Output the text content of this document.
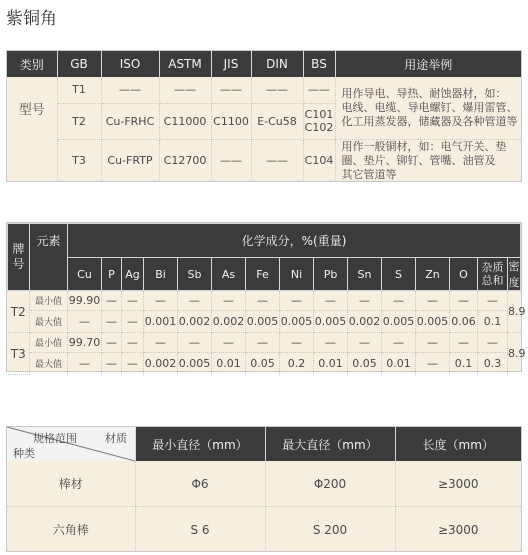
紫铜角
类别	GB	ISO	ASTM	JIS	DIN	BS	用途举例
型号	T1	——	——	——	——	——	用作导电、导热、耐蚀器材，如：
电线、电缆、导电螺钉、爆用雷管、
化工用蒸发器，储藏器及各种管道等

	T2	Cu-FRHC	C11000	C1100	E-Cu58	C101
C102	

	T3	Cu-FRTP	C12700	——	——	C104	用作一般铜材，如：电气开关、垫
圈、垫片、铆钉、管嘴、油管及
其它管道等
牌
号	元素	化学成分，%(重量)														
		Cu	P	Ag	Bi	Sb	As	Fe	Ni	Pb	Sn	S	Zn	O	杂质
总和	密度
T2	最小值	99.90	—	—	—	—	—	—	—	—	—	—	—	—	—	8.9
	最大值	—	—	—	0.001	0.002	0.002	0.005	0.005	0.005	0.002	0.005	0.005	0.06	0.1	
T3	最小值	99.70	—	—	—	—	—	—	—	—	—	—	—	—	—	8.9
	最大值	—	—	—	0.002	0.005	0.01	0.05	0.2	0.01	0.05	0.01	—	0.1	0.3	
规格范围 材质
种类	最小直径（mm）	最大直径（mm）	长度（mm）
棒材	Φ6	Φ200	≥3000
六角棒	S 6	S 200	≥3000
